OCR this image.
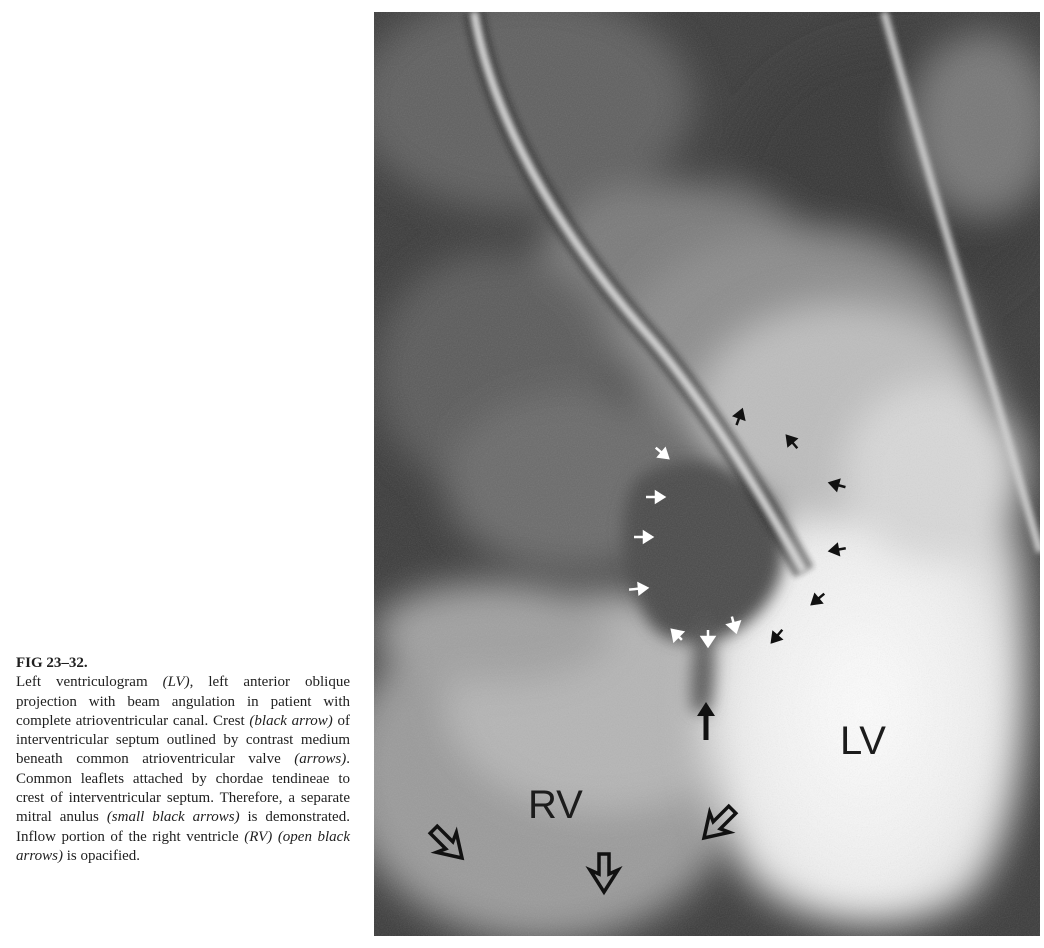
FIG 23–32.
Left ventriculogram (LV), left anterior oblique projection with beam angulation in patient with complete atrioventricular canal. Crest (black arrow) of interventricular septum outlined by contrast medium beneath common atrioventricular valve (arrows). Common leaflets attached by chordae tendineae to crest of interventricular septum. Therefore, a separate mitral anulus (small black arrows) is demonstrated. Inflow portion of the right ventricle (RV) (open black arrows) is opacified.
LV
RV
